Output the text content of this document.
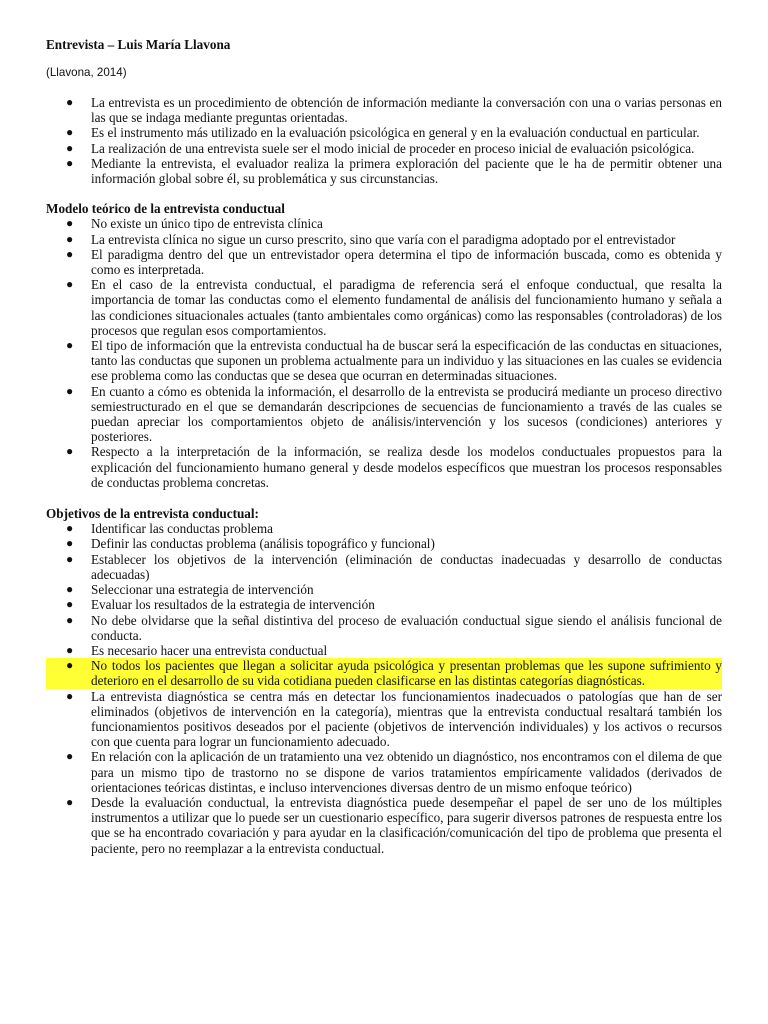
Entrevista – Luis María Llavona
(Llavona, 2014)
● La entrevista es un procedimiento de obtención de información mediante la conversación con una o varias personas en las que se indaga mediante preguntas orientadas.
● Es el instrumento más utilizado en la evaluación psicológica en general y en la evaluación conductual en particular.
● La realización de una entrevista suele ser el modo inicial de proceder en proceso inicial de evaluación psicológica.
● Mediante la entrevista, el evaluador realiza la primera exploración del paciente que le ha de permitir obtener una información global sobre él, su problemática y sus circunstancias.
Modelo teórico de la entrevista conductual
● No existe un único tipo de entrevista clínica
● La entrevista clínica no sigue un curso prescrito, sino que varía con el paradigma adoptado por el entrevistador
● El paradigma dentro del que un entrevistador opera determina el tipo de información buscada, como es obtenida y como es interpretada.
● En el caso de la entrevista conductual, el paradigma de referencia será el enfoque conductual, que resalta la importancia de tomar las conductas como el elemento fundamental de análisis del funcionamiento humano y señala a las condiciones situacionales actuales (tanto ambientales como orgánicas) como las responsables (controladoras) de los procesos que regulan esos comportamientos.
● El tipo de información que la entrevista conductual ha de buscar será la especificación de las conductas en situaciones, tanto las conductas que suponen un problema actualmente para un individuo y las situaciones en las cuales se evidencia ese problema como las conductas que se desea que ocurran en determinadas situaciones.
● En cuanto a cómo es obtenida la información, el desarrollo de la entrevista se producirá mediante un proceso directivo semiestructurado en el que se demandarán descripciones de secuencias de funcionamiento a través de las cuales se puedan apreciar los comportamientos objeto de análisis/intervención y los sucesos (condiciones) anteriores y posteriores.
● Respecto a la interpretación de la información, se realiza desde los modelos conductuales propuestos para la explicación del funcionamiento humano general y desde modelos específicos que muestran los procesos responsables de conductas problema concretas.
Objetivos de la entrevista conductual:
● Identificar las conductas problema
● Definir las conductas problema (análisis topográfico y funcional)
● Establecer los objetivos de la intervención (eliminación de conductas inadecuadas y desarrollo de conductas adecuadas)
● Seleccionar una estrategia de intervención
● Evaluar los resultados de la estrategia de intervención
● No debe olvidarse que la señal distintiva del proceso de evaluación conductual sigue siendo el análisis funcional de conducta.
● Es necesario hacer una entrevista conductual
● No todos los pacientes que llegan a solicitar ayuda psicológica y presentan problemas que les supone sufrimiento y deterioro en el desarrollo de su vida cotidiana pueden clasificarse en las distintas categorías diagnósticas.
● La entrevista diagnóstica se centra más en detectar los funcionamientos inadecuados o patologías que han de ser eliminados (objetivos de intervención en la categoría), mientras que la entrevista conductual resaltará también los funcionamientos positivos deseados por el paciente (objetivos de intervención individuales) y los activos o recursos con que cuenta para lograr un funcionamiento adecuado.
● En relación con la aplicación de un tratamiento una vez obtenido un diagnóstico, nos encontramos con el dilema de que para un mismo tipo de trastorno no se dispone de varios tratamientos empíricamente validados (derivados de orientaciones teóricas distintas, e incluso intervenciones diversas dentro de un mismo enfoque teórico)
● Desde la evaluación conductual, la entrevista diagnóstica puede desempeñar el papel de ser uno de los múltiples instrumentos a utilizar que lo puede ser un cuestionario específico, para sugerir diversos patrones de respuesta entre los que se ha encontrado covariación y para ayudar en la clasificación/comunicación del tipo de problema que presenta el paciente, pero no reemplazar a la entrevista conductual.
